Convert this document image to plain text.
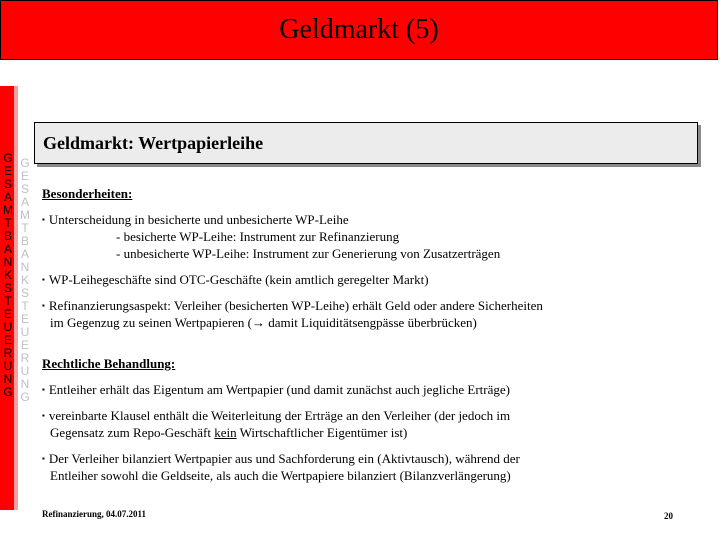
Geldmarkt (5)
GESAMTBANKSTEUERUNG
GESAMTBANKSTEUERUNG
Geldmarkt: Wertpapierleihe
Besonderheiten:
▪ Unterscheidung in besicherte und unbesicherte WP-Leihe
- besicherte WP-Leihe: Instrument zur Refinanzierung
- unbesicherte WP-Leihe: Instrument zur Generierung von Zusatzerträgen
▪ WP-Leihegeschäfte sind OTC-Geschäfte (kein amtlich geregelter Markt)
▪ Refinanzierungsaspekt: Verleiher (besicherten WP-Leihe) erhält Geld oder andere Sicherheiten
im Gegenzug zu seinen Wertpapieren (→ damit Liquiditätsengpässe überbrücken)
Rechtliche Behandlung:
▪ Entleiher erhält das Eigentum am Wertpapier (und damit zunächst auch jegliche Erträge)
▪ vereinbarte Klausel enthält die Weiterleitung der Erträge an den Verleiher (der jedoch im
Gegensatz zum Repo-Geschäft kein Wirtschaftlicher Eigentümer ist)
▪ Der Verleiher bilanziert Wertpapier aus und Sachforderung ein (Aktivtausch), während der
Entleiher sowohl die Geldseite, als auch die Wertpapiere bilanziert (Bilanzverlängerung)
Refinanzierung, 04.07.2011	20
